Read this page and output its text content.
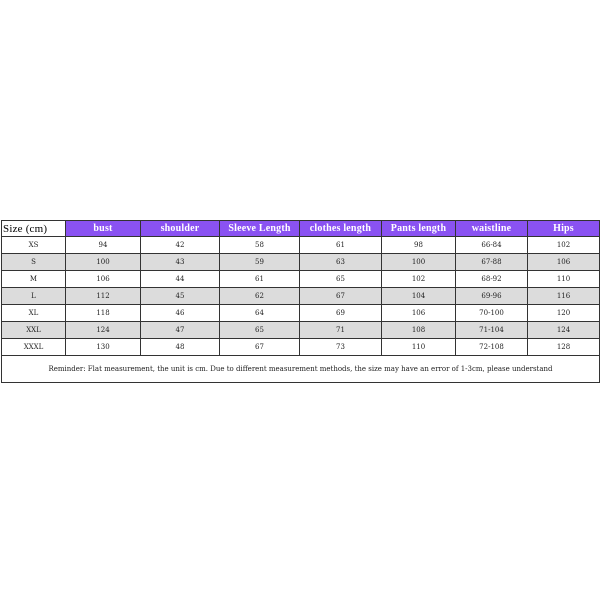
Size (cm)	bust	shoulder	Sleeve Length	clothes length	Pants length	waistline	Hips
XS	94	42	58	61	98	66-84	102
S	100	43	59	63	100	67-88	106
M	106	44	61	65	102	68-92	110
L	112	45	62	67	104	69-96	116
XL	118	46	64	69	106	70-100	120
XXL	124	47	65	71	108	71-104	124
XXXL	130	48	67	73	110	72-108	128
Reminder: Flat measurement, the unit is cm. Due to different measurement methods, the size may have an error of 1-3cm, please understand							
